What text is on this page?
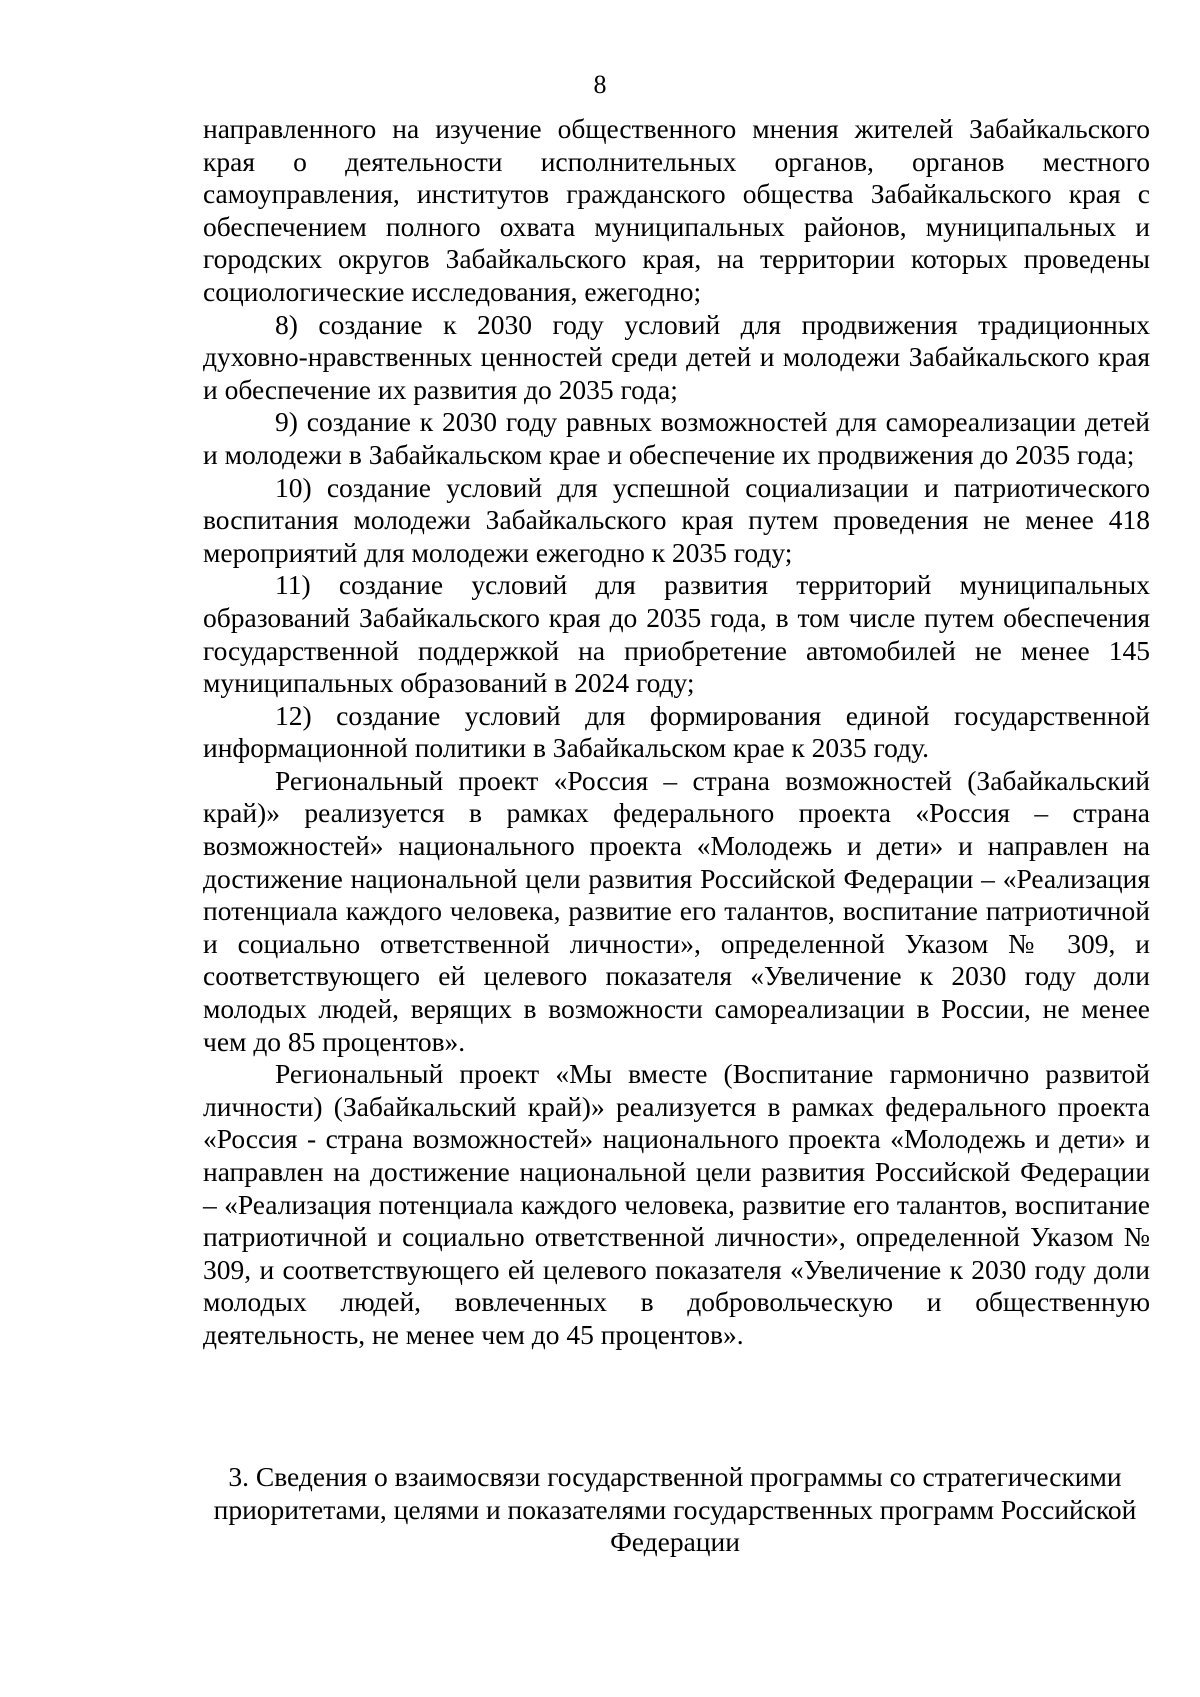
8

направленного на изучение общественного мнения жителей Забайкальского края о деятельности исполнительных органов, органов местного самоуправления, институтов гражданского общества Забайкальского края с обеспечением полного охвата муниципальных районов, муниципальных и городских округов Забайкальского края, на территории которых проведены социологические исследования, ежегодно;

8) создание к 2030 году условий для продвижения традиционных духовно-нравственных ценностей среди детей и молодежи Забайкальского края и обеспечение их развития до 2035 года;

9) создание к 2030 году равных возможностей для самореализации детей и молодежи в Забайкальском крае и обеспечение их продвижения до 2035 года;

10) создание условий для успешной социализации и патриотического воспитания молодежи Забайкальского края путем проведения не менее 418 мероприятий для молодежи ежегодно к 2035 году;

11) создание условий для развития территорий муниципальных образований Забайкальского края до 2035 года, в том числе путем обеспечения государственной поддержкой на приобретение автомобилей не менее 145 муниципальных образований в 2024 году;

12) создание условий для формирования единой государственной информационной политики в Забайкальском крае к 2035 году.

Региональный проект «Россия – страна возможностей (Забайкальский край)» реализуется в рамках федерального проекта «Россия – страна возможностей» национального проекта «Молодежь и дети» и направлен на достижение национальной цели развития Российской Федерации – «Реализация потенциала каждого человека, развитие его талантов, воспитание патриотичной и социально ответственной личности», определенной Указом № 309, и соответствующего ей целевого показателя «Увеличение к 2030 году доли молодых людей, верящих в возможности самореализации в России, не менее чем до 85 процентов».

Региональный проект «Мы вместе (Воспитание гармонично развитой личности) (Забайкальский край)» реализуется в рамках федерального проекта «Россия - страна возможностей» национального проекта «Молодежь и дети» и направлен на достижение национальной цели развития Российской Федерации – «Реализация потенциала каждого человека, развитие его талантов, воспитание патриотичной и социально ответственной личности», определенной Указом № 309, и соответствующего ей целевого показателя «Увеличение к 2030 году доли молодых людей, вовлеченных в добровольческую и общественную деятельность, не менее чем до 45 процентов».

3. Сведения о взаимосвязи государственной программы со стратегическими приоритетами, целями и показателями государственных программ Российской Федерации
